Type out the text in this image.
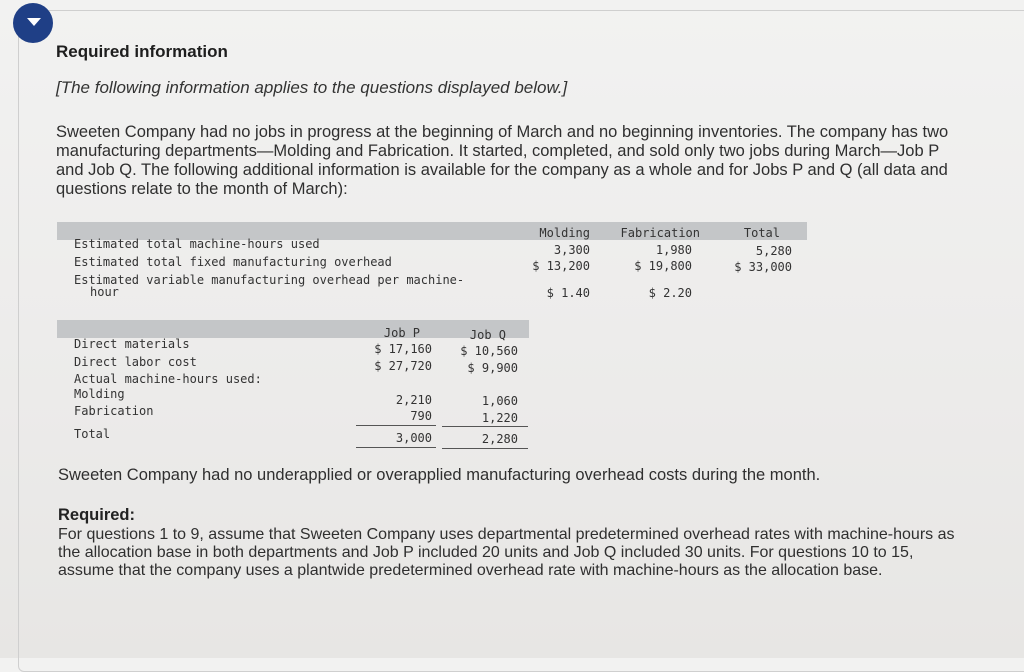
Required information
[The following information applies to the questions displayed below.]
Sweeten Company had no jobs in progress at the beginning of March and no beginning inventories. The company has two manufacturing departments—Molding and Fabrication. It started, completed, and sold only two jobs during March—Job P and Job Q. The following additional information is available for the company as a whole and for Jobs P and Q (all data and questions relate to the month of March):
Molding	Fabrication	Total
Estimated total machine-hours used	3,300	1,980	5,280
Estimated total fixed manufacturing overhead	$ 13,200	$ 19,800	$ 33,000
Estimated variable manufacturing overhead per machine-
hour	$ 1.40	$ 2.20
Job P	Job Q
Direct materials	$ 17,160	$ 10,560
Direct labor cost	$ 27,720	$ 9,900
Actual machine-hours used:
Molding	2,210	1,060
Fabrication	790	1,220
Total	3,000	2,280
Sweeten Company had no underapplied or overapplied manufacturing overhead costs during the month.
Required:
For questions 1 to 9, assume that Sweeten Company uses departmental predetermined overhead rates with machine-hours as the allocation base in both departments and Job P included 20 units and Job Q included 30 units. For questions 10 to 15, assume that the company uses a plantwide predetermined overhead rate with machine-hours as the allocation base.
